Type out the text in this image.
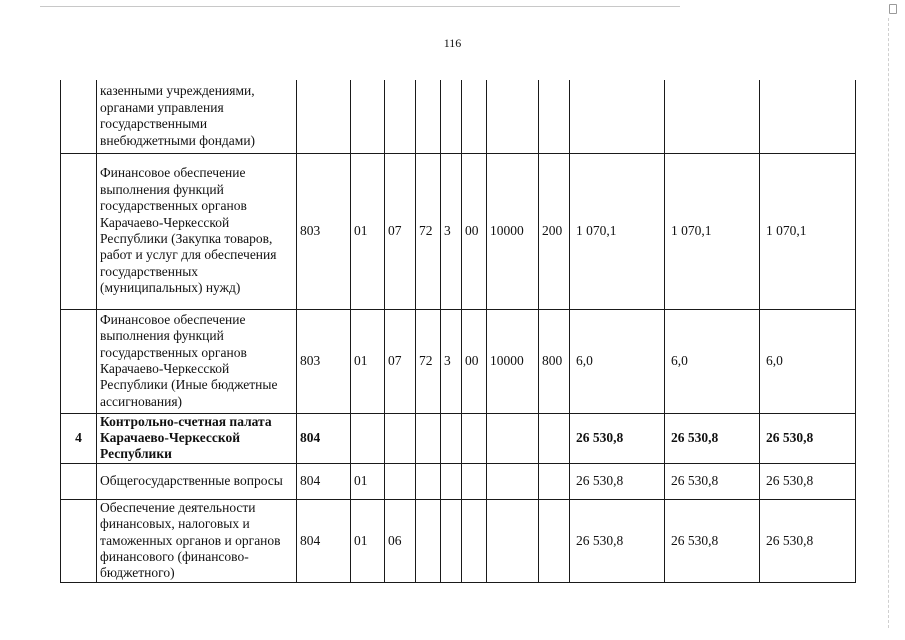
116
	казенными учреждениями, органами управления государственными внебюджетными фондами)											
	Финансовое обеспечение выполнения функций государственных органов Карачаево-Черкесской Республики (Закупка товаров, работ и услуг для обеспечения государственных (муниципальных) нужд)	803	01	07	72	3	00	10000	200	1 070,1	1 070,1	1 070,1
	Финансовое обеспечение выполнения функций государственных органов Карачаево-Черкесской Республики (Иные бюджетные ассигнования)	803	01	07	72	3	00	10000	800	6,0	6,0	6,0
4	Контрольно-счетная палата Карачаево-Черкесской Республики	804								26 530,8	26 530,8	26 530,8
	Общегосударственные вопросы	804	01							26 530,8	26 530,8	26 530,8
	Обеспечение деятельности финансовых, налоговых и таможенных органов и органов финансового (финансово-бюджетного)	804	01	06						26 530,8	26 530,8	26 530,8
